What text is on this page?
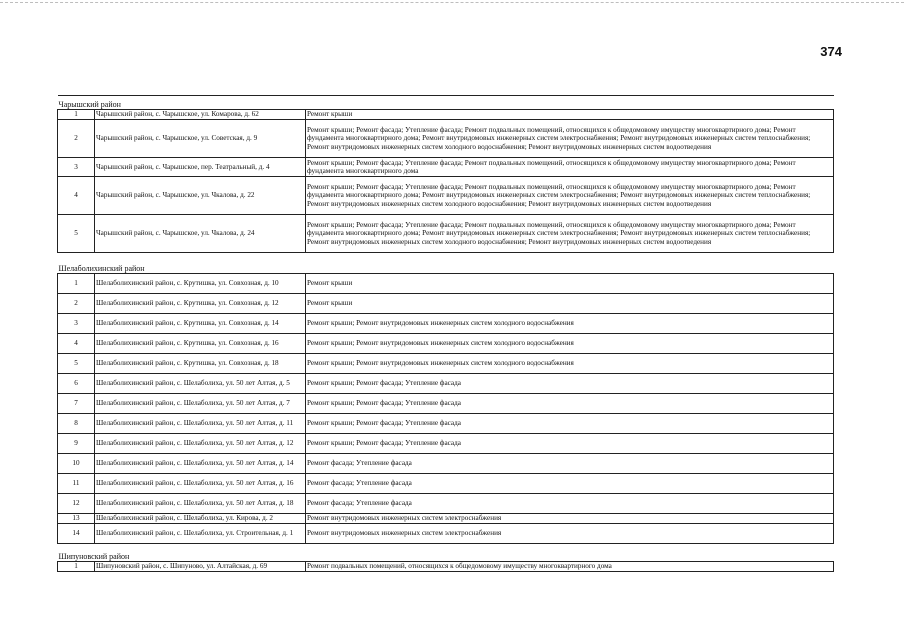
374
Чарышский район		
1	Чарышский район, с. Чарышское, ул. Комарова, д. 62	Ремонт крыши
2	Чарышский район, с. Чарышское, ул. Советская, д. 9	Ремонт крыши; Ремонт фасада; Утепление фасада; Ремонт подвальных помещений, относящихся к общедомовому имуществу многоквартирного дома; Ремонт фундамента многоквартирного дома; Ремонт внутридомовых инженерных систем электроснабжения; Ремонт внутридомовых инженерных систем теплоснабжения; Ремонт внутридомовых инженерных систем холодного водоснабжения; Ремонт внутридомовых инженерных систем водоотведения
3	Чарышский район, с. Чарышское, пер. Театральный, д. 4	Ремонт крыши; Ремонт фасада; Утепление фасада; Ремонт подвальных помещений, относящихся к общедомовому имуществу многоквартирного дома; Ремонт фундамента многоквартирного дома
4	Чарышский район, с. Чарышское, ул. Чкалова, д. 22	Ремонт крыши; Ремонт фасада; Утепление фасада; Ремонт подвальных помещений, относящихся к общедомовому имуществу многоквартирного дома; Ремонт фундамента многоквартирного дома; Ремонт внутридомовых инженерных систем электроснабжения; Ремонт внутридомовых инженерных систем теплоснабжения; Ремонт внутридомовых инженерных систем холодного водоснабжения; Ремонт внутридомовых инженерных систем водоотведения
5	Чарышский район, с. Чарышское, ул. Чкалова, д. 24	Ремонт крыши; Ремонт фасада; Утепление фасада; Ремонт подвальных помещений, относящихся к общедомовому имуществу многоквартирного дома; Ремонт фундамента многоквартирного дома; Ремонт внутридомовых инженерных систем электроснабжения; Ремонт внутридомовых инженерных систем теплоснабжения; Ремонт внутридомовых инженерных систем холодного водоснабжения; Ремонт внутридомовых инженерных систем водоотведения
Шелаболихинский район		
1	Шелаболихинский район, с. Крутишка, ул. Совхозная, д. 10	Ремонт крыши
2	Шелаболихинский район, с. Крутишка, ул. Совхозная, д. 12	Ремонт крыши
3	Шелаболихинский район, с. Крутишка, ул. Совхозная, д. 14	Ремонт крыши; Ремонт внутридомовых инженерных систем холодного водоснабжения
4	Шелаболихинский район, с. Крутишка, ул. Совхозная, д. 16	Ремонт крыши; Ремонт внутридомовых инженерных систем холодного водоснабжения
5	Шелаболихинский район, с. Крутишка, ул. Совхозная, д. 18	Ремонт крыши; Ремонт внутридомовых инженерных систем холодного водоснабжения
6	Шелаболихинский район, с. Шелаболиха, ул. 50 лет Алтая, д. 5	Ремонт крыши; Ремонт фасада; Утепление фасада
7	Шелаболихинский район, с. Шелаболиха, ул. 50 лет Алтая, д. 7	Ремонт крыши; Ремонт фасада; Утепление фасада
8	Шелаболихинский район, с. Шелаболиха, ул. 50 лет Алтая, д. 11	Ремонт крыши; Ремонт фасада; Утепление фасада
9	Шелаболихинский район, с. Шелаболиха, ул. 50 лет Алтая, д. 12	Ремонт крыши; Ремонт фасада; Утепление фасада
10	Шелаболихинский район, с. Шелаболиха, ул. 50 лет Алтая, д. 14	Ремонт фасада; Утепление фасада
11	Шелаболихинский район, с. Шелаболиха, ул. 50 лет Алтая, д. 16	Ремонт фасада; Утепление фасада
12	Шелаболихинский район, с. Шелаболиха, ул. 50 лет Алтая, д. 18	Ремонт фасада; Утепление фасада
13	Шелаболихинский район, с. Шелаболиха, ул. Кирова, д. 2	Ремонт внутридомовых инженерных систем электроснабжения
14	Шелаболихинский район, с. Шелаболиха, ул. Строительная, д. 1	Ремонт внутридомовых инженерных систем электроснабжения
Шипуновский район		
1	Шипуновский район, с. Шипуново, ул. Алтайская, д. 69	Ремонт подвальных помещений, относящихся к общедомовому имуществу многоквартирного дома
